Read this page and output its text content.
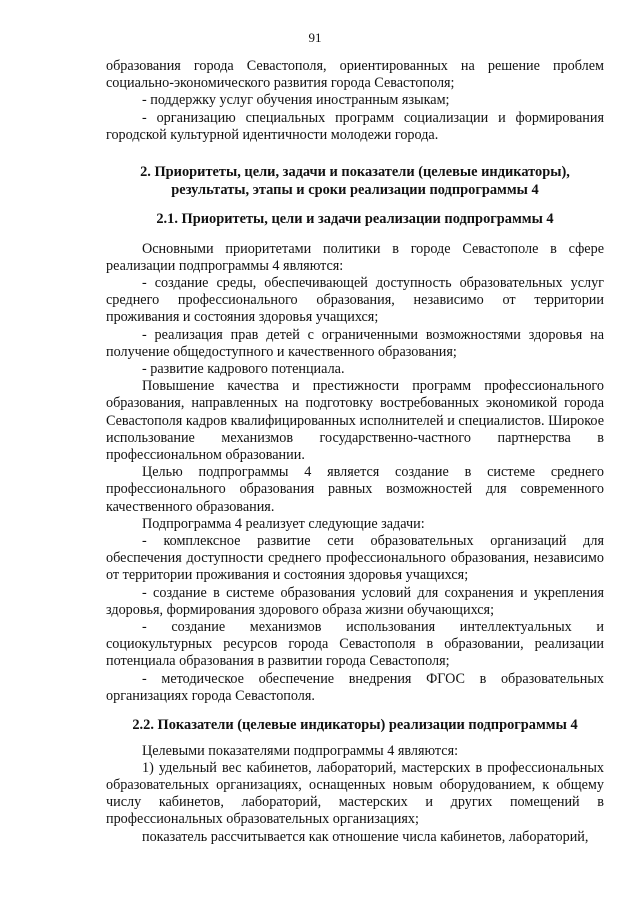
91

образования города Севастополя, ориентированных на решение проблем социально-экономического развития города Севастополя;

- поддержку услуг обучения иностранным языкам;

- организацию специальных программ социализации и формирования городской культурной идентичности молодежи города.

2. Приоритеты, цели, задачи и показатели (целевые индикаторы), результаты, этапы и сроки реализации подпрограммы 4
2.1. Приоритеты, цели и задачи реализации подпрограммы 4

Основными приоритетами политики в городе Севастополе в сфере реализации подпрограммы 4 являются:

- создание среды, обеспечивающей доступность образовательных услуг среднего профессионального образования, независимо от территории проживания и состояния здоровья учащихся;

- реализация прав детей с ограниченными возможностями здоровья на получение общедоступного и качественного образования;

- развитие кадрового потенциала.

Повышение качества и престижности программ профессионального образования, направленных на подготовку востребованных экономикой города Севастополя кадров квалифицированных исполнителей и специалистов. Широкое использование механизмов государственно-частного партнерства в профессиональном образовании.

Целью подпрограммы 4 является создание в системе среднего профессионального образования равных возможностей для современного качественного образования.

Подпрограмма 4 реализует следующие задачи:

- комплексное развитие сети образовательных организаций для обеспечения доступности среднего профессионального образования, независимо от территории проживания и состояния здоровья учащихся;

- создание в системе образования условий для сохранения и укрепления здоровья, формирования здорового образа жизни обучающихся;

- создание механизмов использования интеллектуальных и социокультурных ресурсов города Севастополя в образовании, реализации потенциала образования в развитии города Севастополя;

- методическое обеспечение внедрения ФГОС в образовательных организациях города Севастополя.

2.2. Показатели (целевые индикаторы) реализации подпрограммы 4

Целевыми показателями подпрограммы 4 являются:

1) удельный вес кабинетов, лабораторий, мастерских в профессиональных образовательных организациях, оснащенных новым оборудованием, к общему числу кабинетов, лабораторий, мастерских и других помещений в профессиональных образовательных организациях;

показатель рассчитывается как отношение числа кабинетов, лабораторий,
